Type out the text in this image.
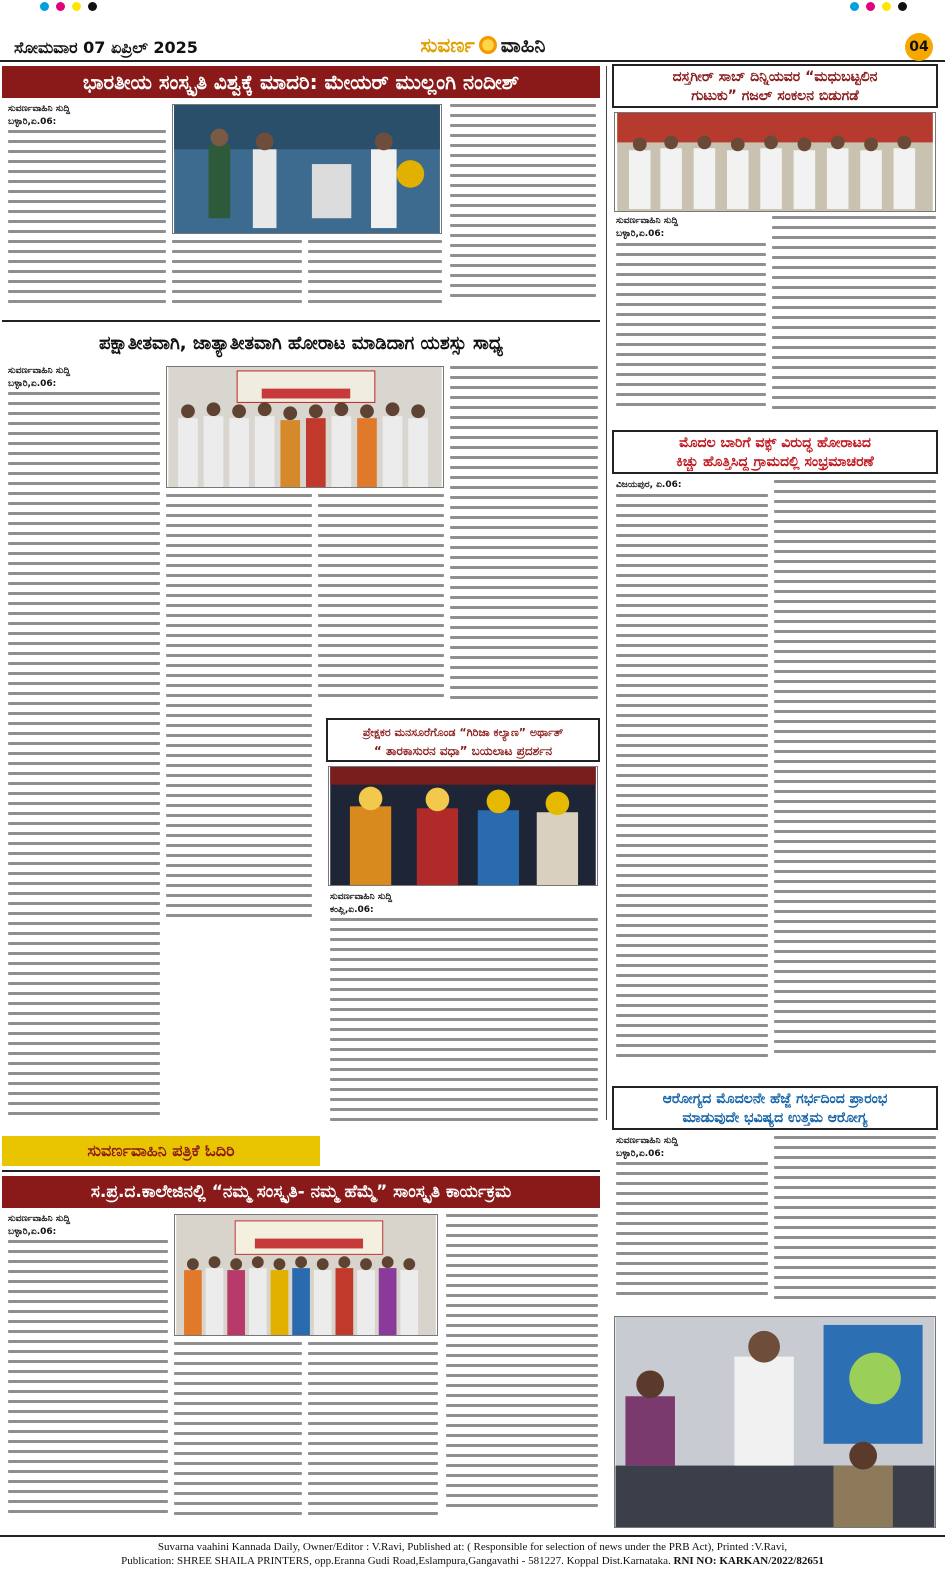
ಸೋಮವಾರ 07 ಏಪ್ರಿಲ್ 2025	ಸುವರ್ಣ ವಾಹಿನಿ	04
ಭಾರತೀಯ ಸಂಸ್ಕೃತಿ ವಿಶ್ವಕ್ಕೆ ಮಾದರಿ: ಮೇಯರ್ ಮುಲ್ಲಂಗಿ ನಂದೀಶ್
ಸುವರ್ಣವಾಹಿನಿ ಸುದ್ದಿ
ಬಳ್ಳಾರಿ,ಏ.06:
ದಸ್ತಗೀರ್ ಸಾಬ್ ದಿನ್ನಿಯವರ “ಮಧುಬಟ್ಟಲಿನ
ಗುಟುಕು” ಗಜಲ್ ಸಂಕಲನ ಬಿಡುಗಡೆ
ಸುವರ್ಣವಾಹಿನಿ ಸುದ್ದಿ
ಬಳ್ಳಾರಿ,ಏ.06:
ಪಕ್ಷಾತೀತವಾಗಿ, ಜಾತ್ಯಾತೀತವಾಗಿ ಹೋರಾಟ ಮಾಡಿದಾಗ ಯಶಸ್ಸು ಸಾಧ್ಯ
ಸುವರ್ಣವಾಹಿನಿ ಸುದ್ದಿ
ಬಳ್ಳಾರಿ,ಏ.06:
ಮೊದಲ ಬಾರಿಗೆ ವಕ್ಫ್ ವಿರುದ್ಧ ಹೋರಾಟದ
ಕಿಚ್ಚು ಹೊತ್ತಿಸಿದ್ದ ಗ್ರಾಮದಲ್ಲಿ ಸಂಭ್ರಮಾಚರಣೆ
ವಿಜಯಪುರ, ಏ.06:
ಪ್ರೇಕ್ಷಕರ ಮನಸೂರೆಗೊಂಡ “ಗಿರಿಜಾ ಕಲ್ಯಾಣ” ಅರ್ಥಾತ್
“ ತಾರಕಾಸುರನ ವಧಾ” ಬಯಲಾಟ ಪ್ರದರ್ಶನ
ಸುವರ್ಣವಾಹಿನಿ ಸುದ್ದಿ
ಕಂಪ್ಲಿ,ಏ.06:
ಸುವರ್ಣವಾಹಿನಿ ಪತ್ರಿಕೆ ಓದಿರಿ
ಆರೋಗ್ಯದ ಮೊದಲನೇ ಹೆಜ್ಜೆ ಗರ್ಭದಿಂದ ಪ್ರಾರಂಭ
ಮಾಡುವುದೇ ಭವಿಷ್ಯದ ಉತ್ತಮ ಆರೋಗ್ಯ
ಸುವರ್ಣವಾಹಿನಿ ಸುದ್ದಿ
ಬಳ್ಳಾರಿ,ಏ.06:
ಸ.ಪ್ರ.ದ.ಕಾಲೇಜಿನಲ್ಲಿ “ನಮ್ಮ ಸಂಸ್ಕೃತಿ- ನಮ್ಮ ಹೆಮ್ಮೆ” ಸಾಂಸ್ಕೃತಿ ಕಾರ್ಯಕ್ರಮ
ಸುವರ್ಣವಾಹಿನಿ ಸುದ್ದಿ
ಬಳ್ಳಾರಿ,ಏ.06:
Suvarna vaahini Kannada Daily, Owner/Editor : V.Ravi, Published at: ( Responsible for selection of news under the PRB Act), Printed :V.Ravi,
Publication: SHREE SHAILA PRINTERS, opp.Eranna Gudi Road,Eslampura,Gangavathi - 581227. Koppal Dist.Karnataka. RNI NO: KARKAN/2022/82651
